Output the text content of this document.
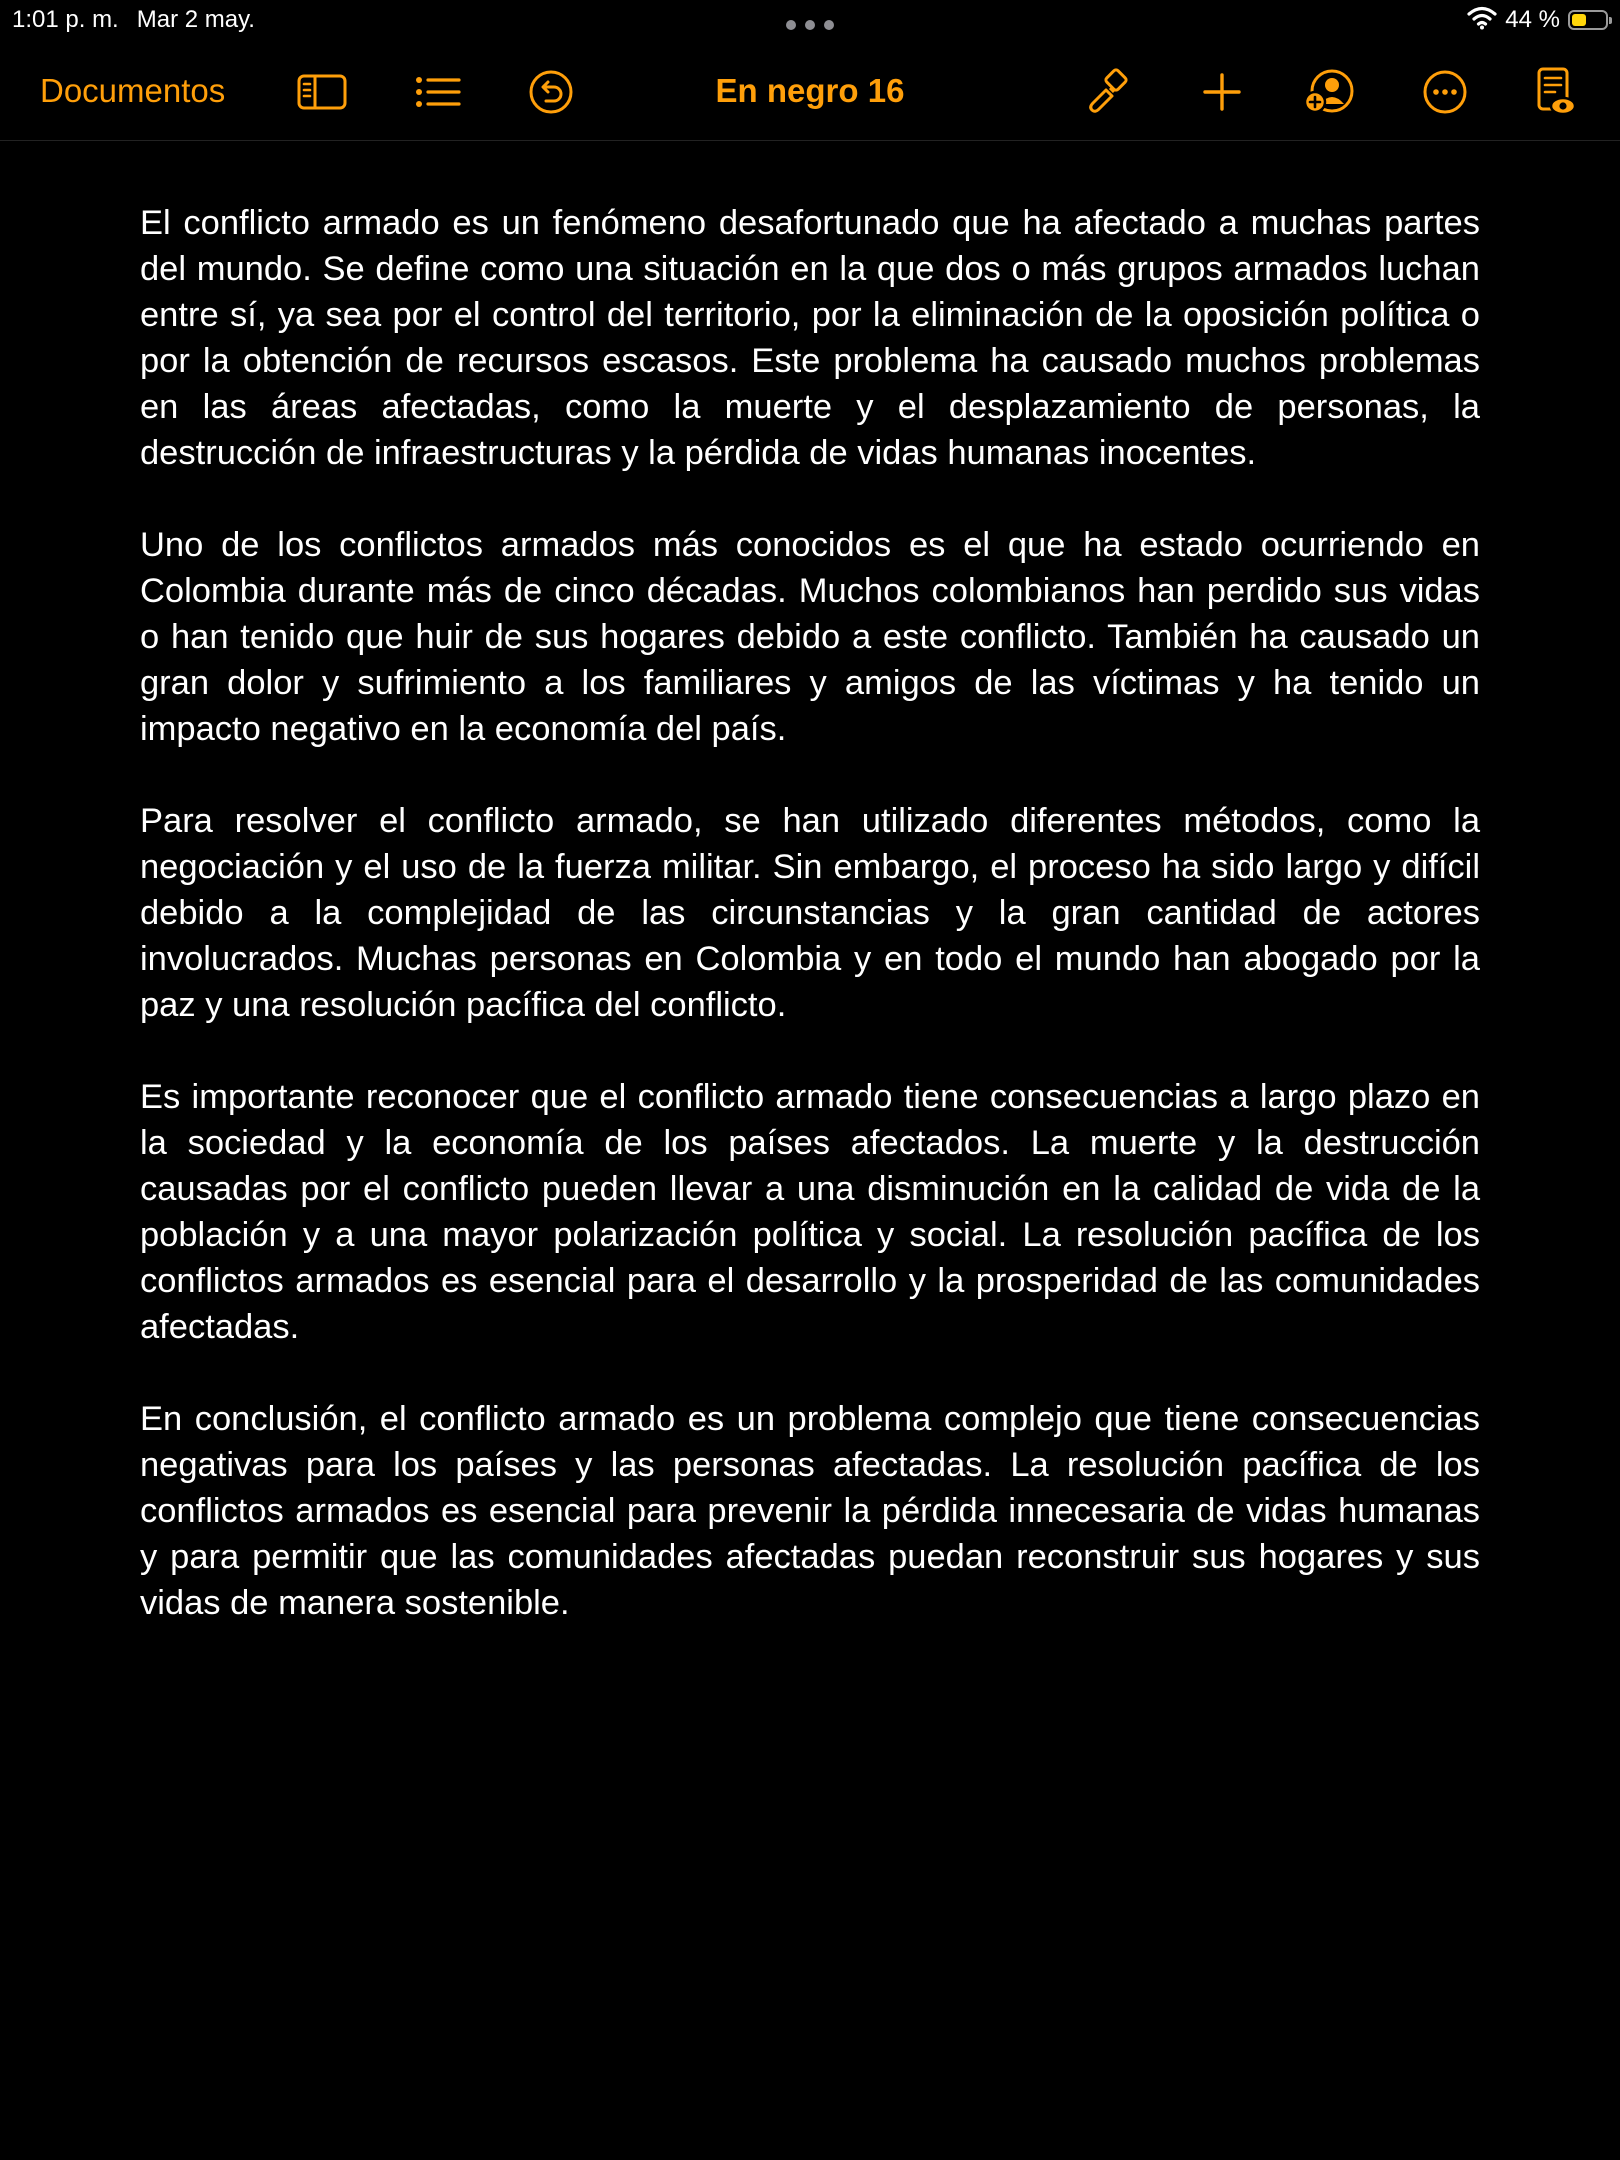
1:01 p. m. Mar 2 may.	44 %
Documentos	En negro 16

El conflicto armado es un fenómeno desafortunado que ha afectado a muchas partes del mundo. Se define como una situación en la que dos o más grupos armados luchan entre sí, ya sea por el control del territorio, por la eliminación de la oposición política o por la obtención de recursos escasos. Este problema ha causado muchos problemas en las áreas afectadas, como la muerte y el desplazamiento de personas, la destrucción de infraestructuras y la pérdida de vidas humanas inocentes.

Uno de los conflictos armados más conocidos es el que ha estado ocurriendo en Colombia durante más de cinco décadas. Muchos colombianos han perdido sus vidas o han tenido que huir de sus hogares debido a este conflicto. También ha causado un gran dolor y sufrimiento a los familiares y amigos de las víctimas y ha tenido un impacto negativo en la economía del país.

Para resolver el conflicto armado, se han utilizado diferentes métodos, como la negociación y el uso de la fuerza militar. Sin embargo, el proceso ha sido largo y difícil debido a la complejidad de las circunstancias y la gran cantidad de actores involucrados. Muchas personas en Colombia y en todo el mundo han abogado por la paz y una resolución pacífica del conflicto.

Es importante reconocer que el conflicto armado tiene consecuencias a largo plazo en la sociedad y la economía de los países afectados. La muerte y la destrucción causadas por el conflicto pueden llevar a una disminución en la calidad de vida de la población y a una mayor polarización política y social. La resolución pacífica de los conflictos armados es esencial para el desarrollo y la prosperidad de las comunidades afectadas.

En conclusión, el conflicto armado es un problema complejo que tiene consecuencias negativas para los países y las personas afectadas. La resolución pacífica de los conflictos armados es esencial para prevenir la pérdida innecesaria de vidas humanas y para permitir que las comunidades afectadas puedan reconstruir sus hogares y sus vidas de manera sostenible.
